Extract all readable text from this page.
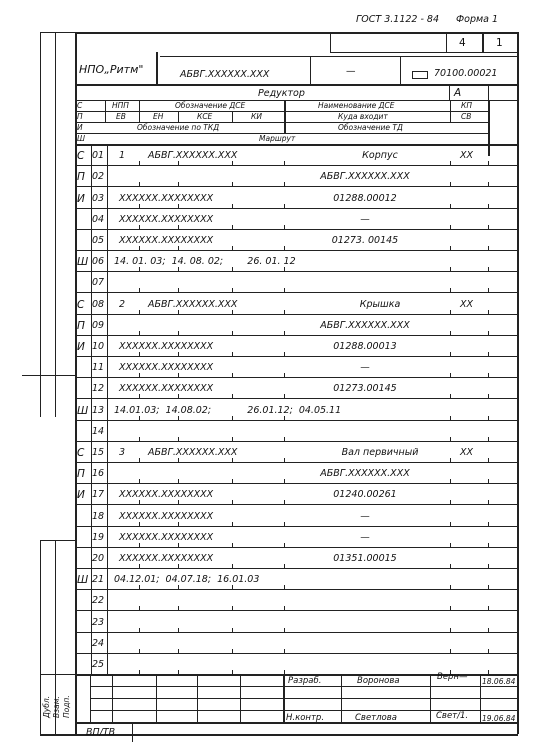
ГОСТ 3.1122 - 84 Форма 1
4	1
НПО„Ритм"	АБВГ.XXXXXX.XXX	—	70100.00021
Редуктор	А
С	НПП	Обозначение ДСЕ	Наименование ДСЕ	КП
П	ЕВ	ЕН	КСЕ	КИ	Куда входит	СВ
И	Обозначение по ТКД	Обозначение ТД
Ш	Маршрут
С 01 1 АБВГ.XXXXXX.XXX	Корпус	XX
П 02	АБВГ.XXXXXX.XXX
И 03 XXXXXX.XXXXXXXX	01288.00012
04 XXXXXX.XXXXXXXX	—
05 XXXXXX.XXXXXXXX	01273. 00145
Ш 06 14. 01. 03;  14. 08. 02;        26. 01. 12
07
С 08 2 АБВГ.XXXXXX.XXX	Крышка	XX
П 09	АБВГ.XXXXXX.XXX
И 10 XXXXXX.XXXXXXXX	01288.00013
11 XXXXXX.XXXXXXXX	—
12 XXXXXX.XXXXXXXX	01273.00145
Ш 13 14.01.03;  14.08.02;            26.01.12;  04.05.11
14
С 15 3 АБВГ.XXXXXX.XXX	Вал первичный	XX
П 16	АБВГ.XXXXXX.XXX
И 17 XXXXXX.XXXXXXXX	01240.00261
18 XXXXXX.XXXXXXXX	—
19 XXXXXX.XXXXXXXX	—
20 XXXXXX.XXXXXXXX	01351.00015
Ш 21 04.12.01;  04.07.18;  16.01.03
22
23
24
25
Разраб.	Воронова	Верн— 18.06.84
Н.контр.	Светлова	Свет/1. 19.06.84
Дубл. Взам. Подп.
ВП/ТВ
